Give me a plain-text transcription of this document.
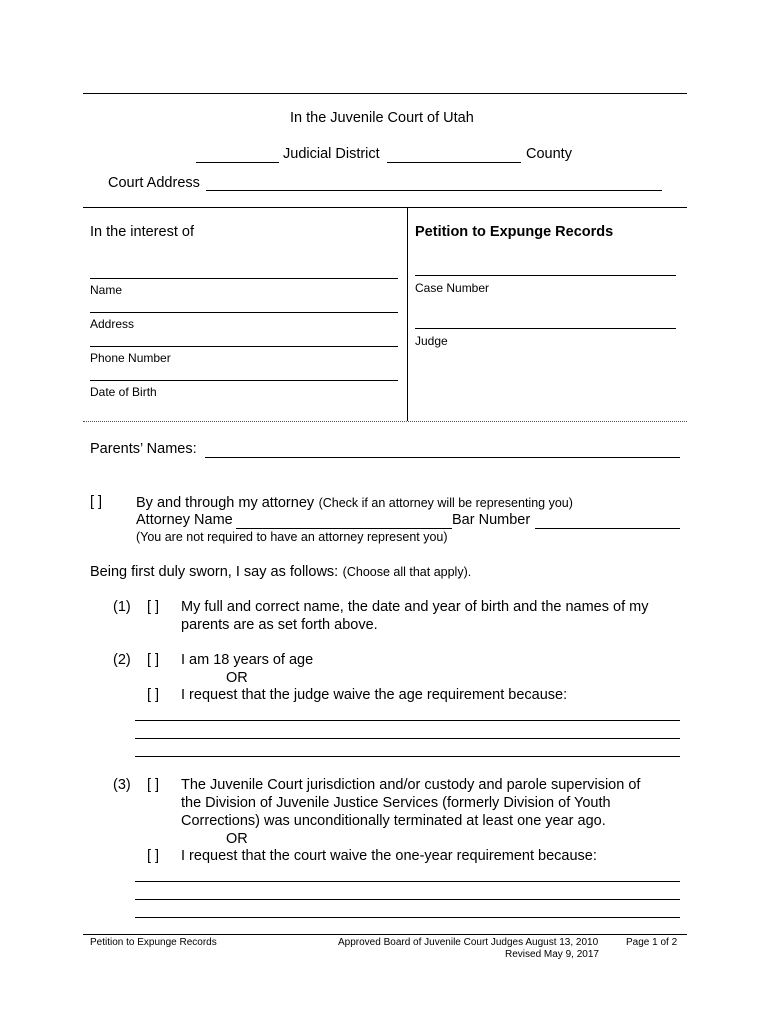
In the Juvenile Court of Utah
Judicial District	County
Court Address
In the interest of
Name
Address
Phone Number
Date of Birth
Petition to Expunge Records
Case Number
Judge
Parents’ Names:
[ ] By and through my attorney (Check if an attorney will be representing you)
Attorney Name	Bar Number
(You are not required to have an attorney represent you)
Being first duly sworn, I say as follows: (Choose all that apply).
(1) [ ] My full and correct name, the date and year of birth and the names of my
parents are as set forth above.
(2) [ ] I am 18 years of age
OR
[ ] I request that the judge waive the age requirement because:
(3) [ ] The Juvenile Court jurisdiction and/or custody and parole supervision of
the Division of Juvenile Justice Services (formerly Division of Youth
Corrections) was unconditionally terminated at least one year ago.
OR
[ ] I request that the court waive the one-year requirement because:
Petition to Expunge Records	Approved Board of Juvenile Court Judges August 13, 2010
Revised May 9, 2017
Page 1 of 2
